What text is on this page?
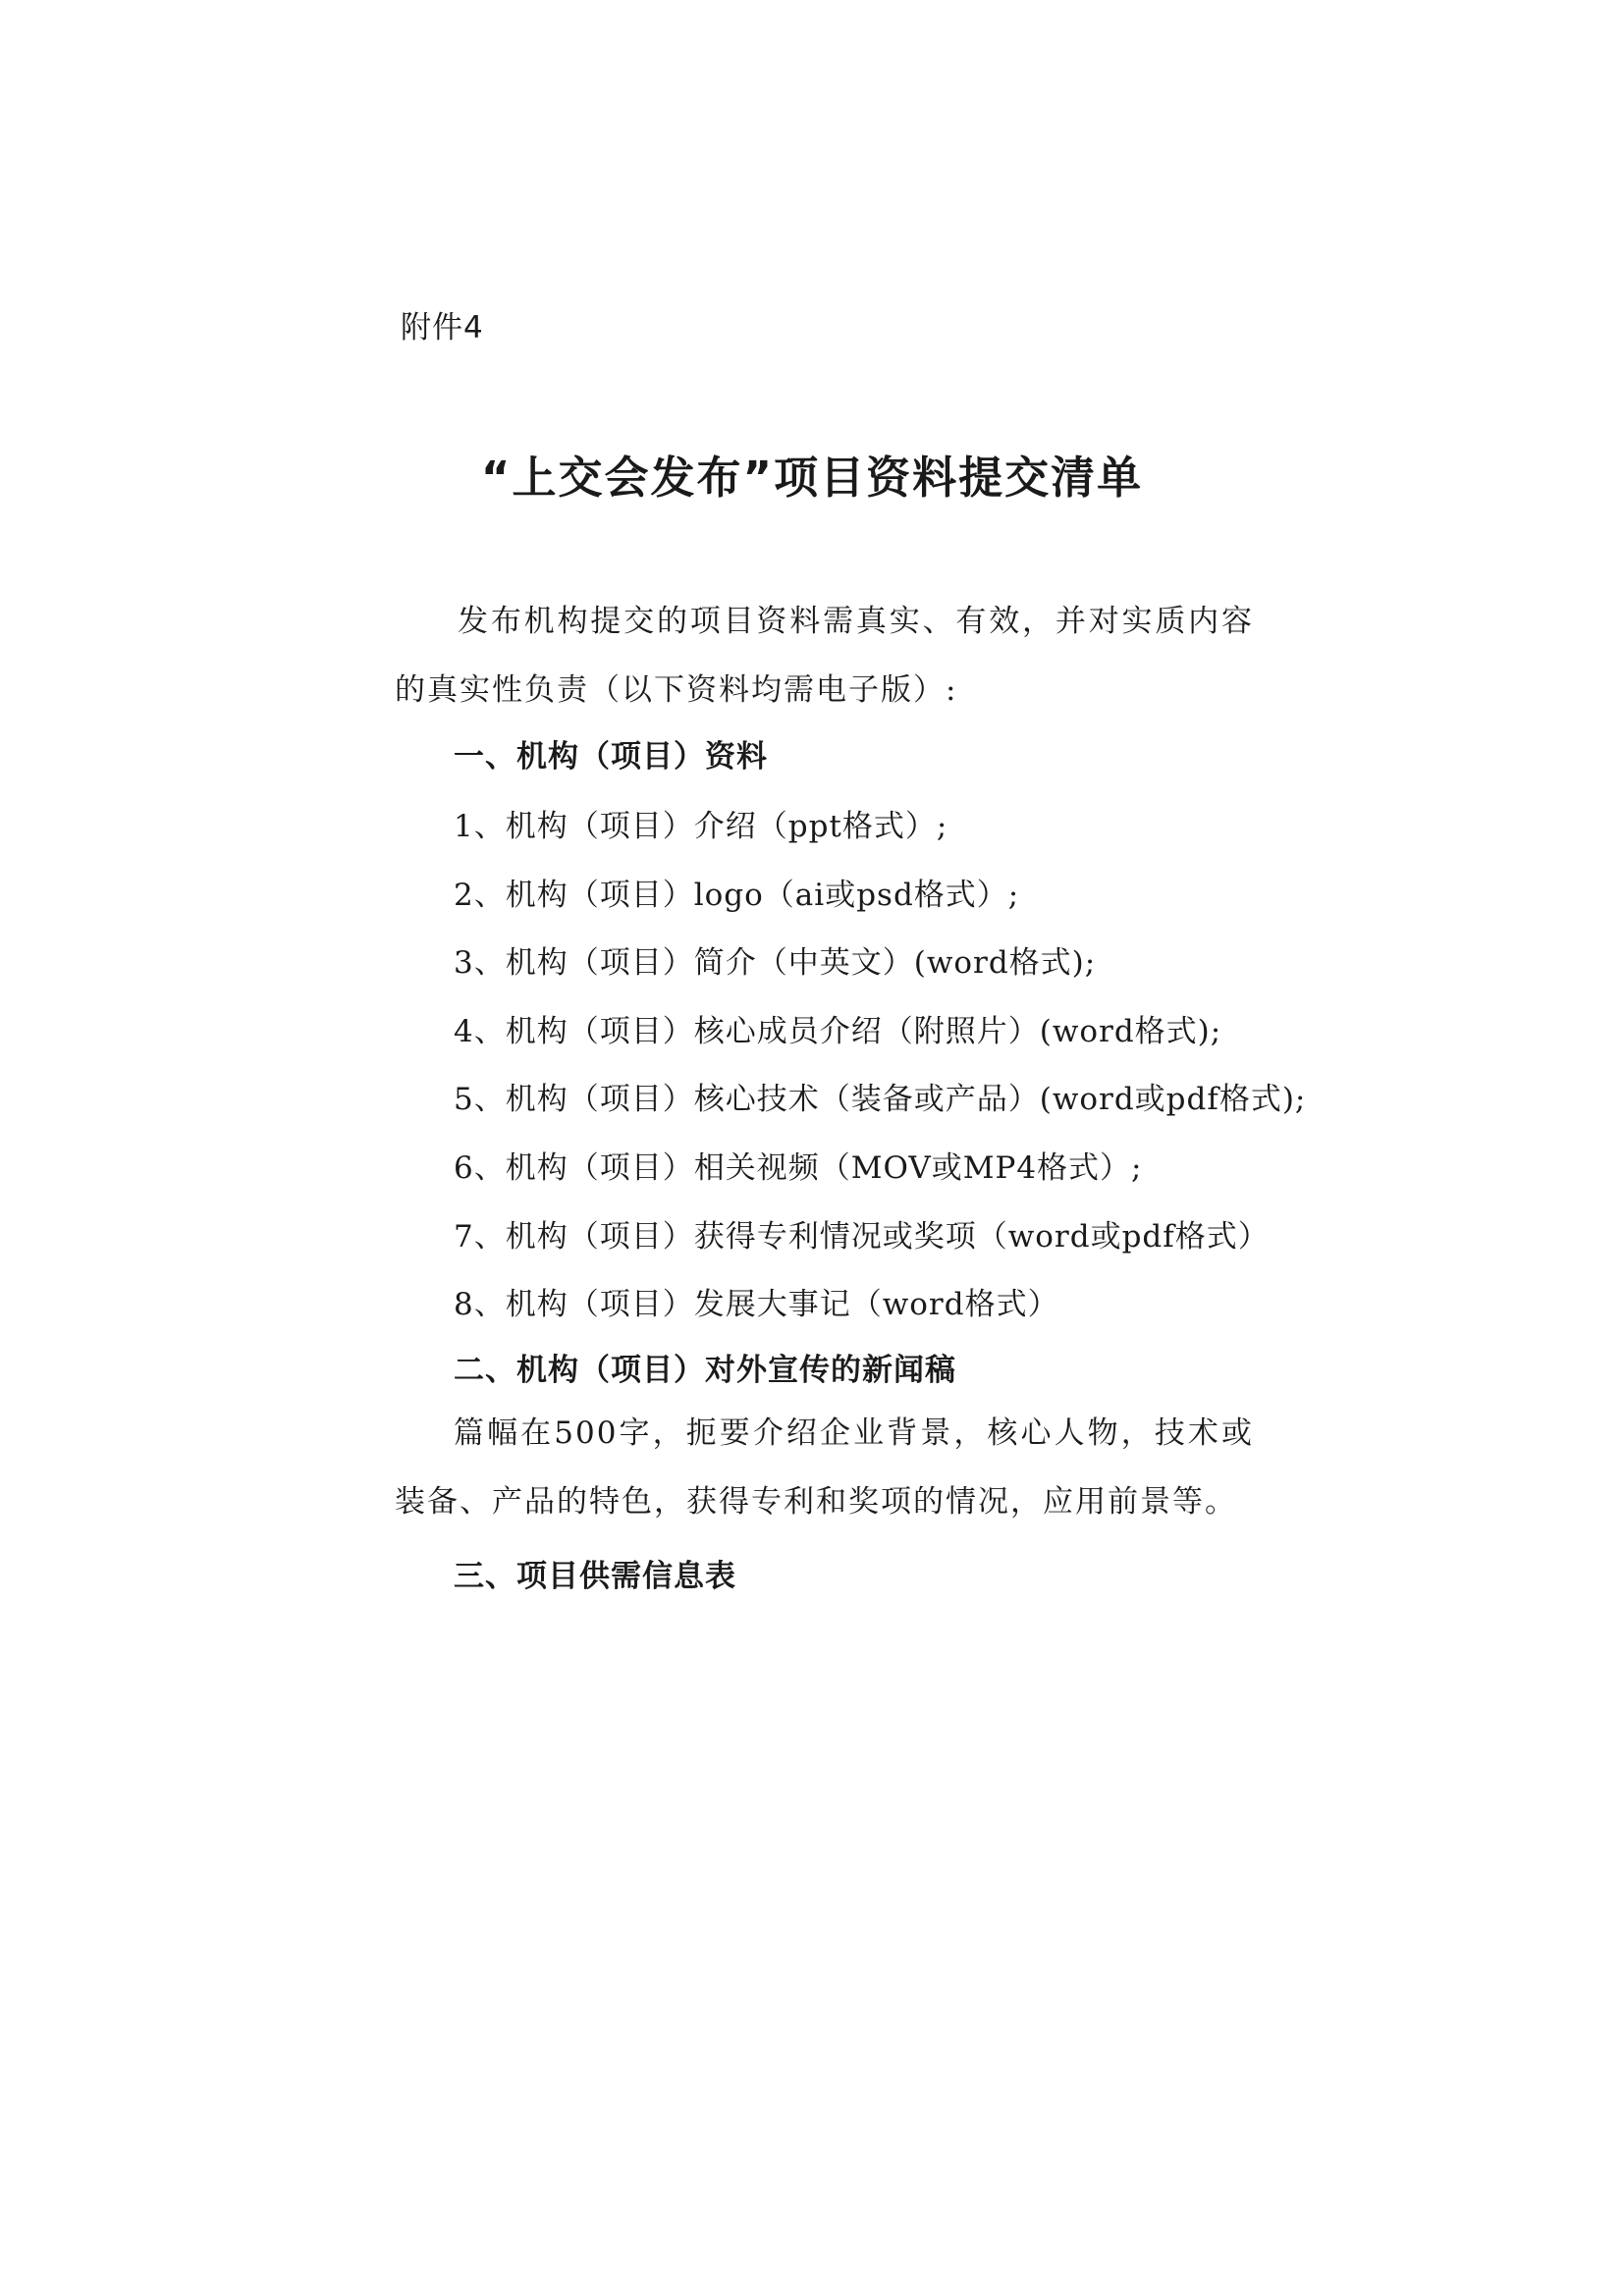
附件4
“上交会发布”项目资料提交清单
发布机构提交的项目资料需真实、有效，并对实质内容的真实性负责（以下资料均需电子版）:
一、机构（项目）资料
1、机构（项目）介绍（ppt格式）;
2、机构（项目）logo（ai或psd格式）;
3、机构（项目）简介（中英文）(word格式);
4、机构（项目）核心成员介绍（附照片）(word格式);
5、机构（项目）核心技术（装备或产品）(word或pdf格式);
6、机构（项目）相关视频（MOV或MP4格式）;
7、机构（项目）获得专利情况或奖项（word或pdf格式）
8、机构（项目）发展大事记（word格式）
二、机构（项目）对外宣传的新闻稿
篇幅在500字，扼要介绍企业背景，核心人物，技术或装备、产品的特色，获得专利和奖项的情况，应用前景等。
三、项目供需信息表
